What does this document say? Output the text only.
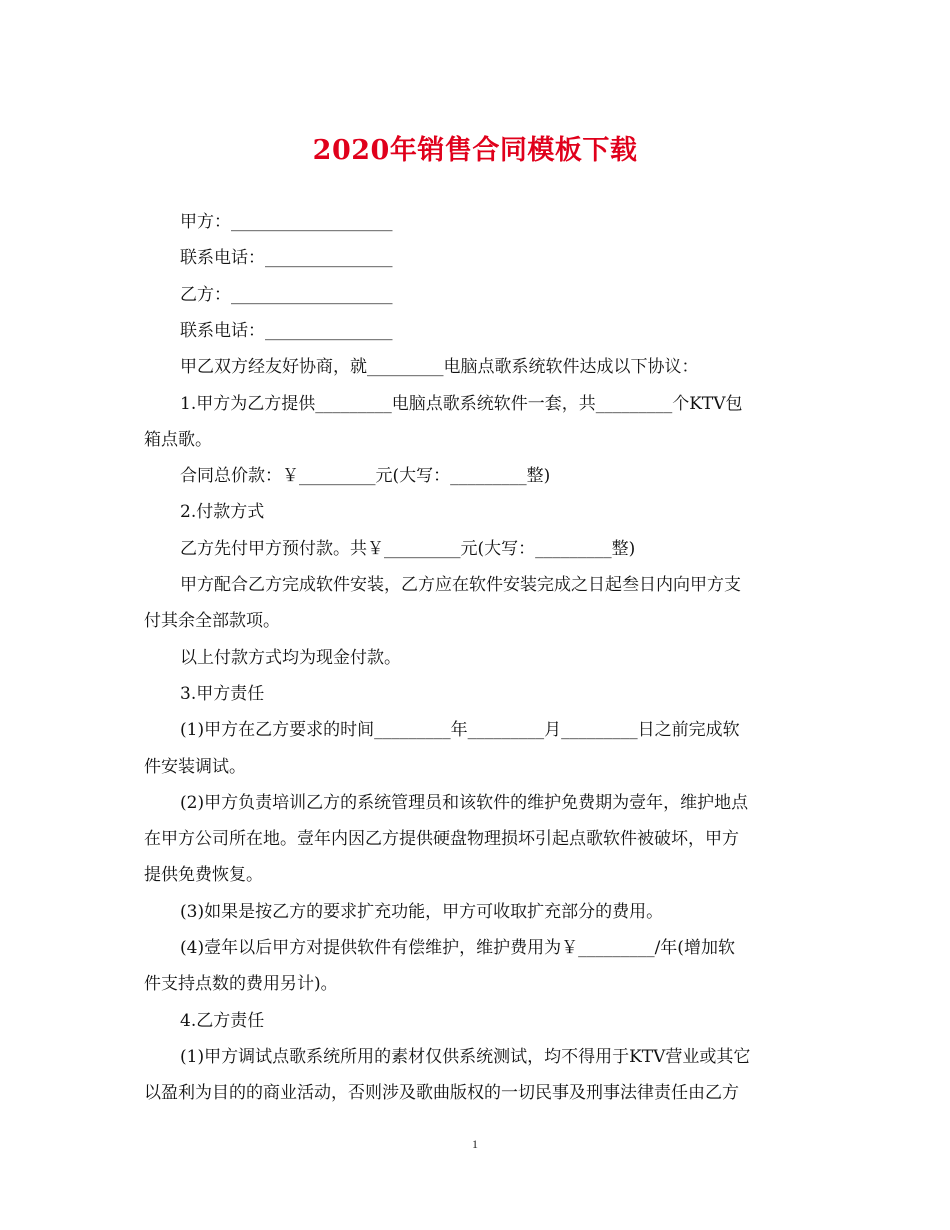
2020年销售合同模板下载
甲方：___________________
联系电话：_______________
乙方：___________________
联系电话：_______________
甲乙双方经友好协商，就_________电脑点歌系统软件达成以下协议：
1.甲方为乙方提供_________电脑点歌系统软件一套，共_________个KTV包
箱点歌。
合同总价款：￥_________元(大写：_________整)
2.付款方式
乙方先付甲方预付款。共￥_________元(大写：_________整)
甲方配合乙方完成软件安装，乙方应在软件安装完成之日起叁日内向甲方支
付其余全部款项。
以上付款方式均为现金付款。
3.甲方责任
(1)甲方在乙方要求的时间_________年_________月_________日之前完成软
件安装调试。
(2)甲方负责培训乙方的系统管理员和该软件的维护免费期为壹年，维护地点
在甲方公司所在地。壹年内因乙方提供硬盘物理损坏引起点歌软件被破坏，甲方
提供免费恢复。
(3)如果是按乙方的要求扩充功能，甲方可收取扩充部分的费用。
(4)壹年以后甲方对提供软件有偿维护，维护费用为￥_________/年(增加软
件支持点数的费用另计)。
4.乙方责任
(1)甲方调试点歌系统所用的素材仅供系统测试，均不得用于KTV营业或其它
以盈利为目的的商业活动，否则涉及歌曲版权的一切民事及刑事法律责任由乙方
1
